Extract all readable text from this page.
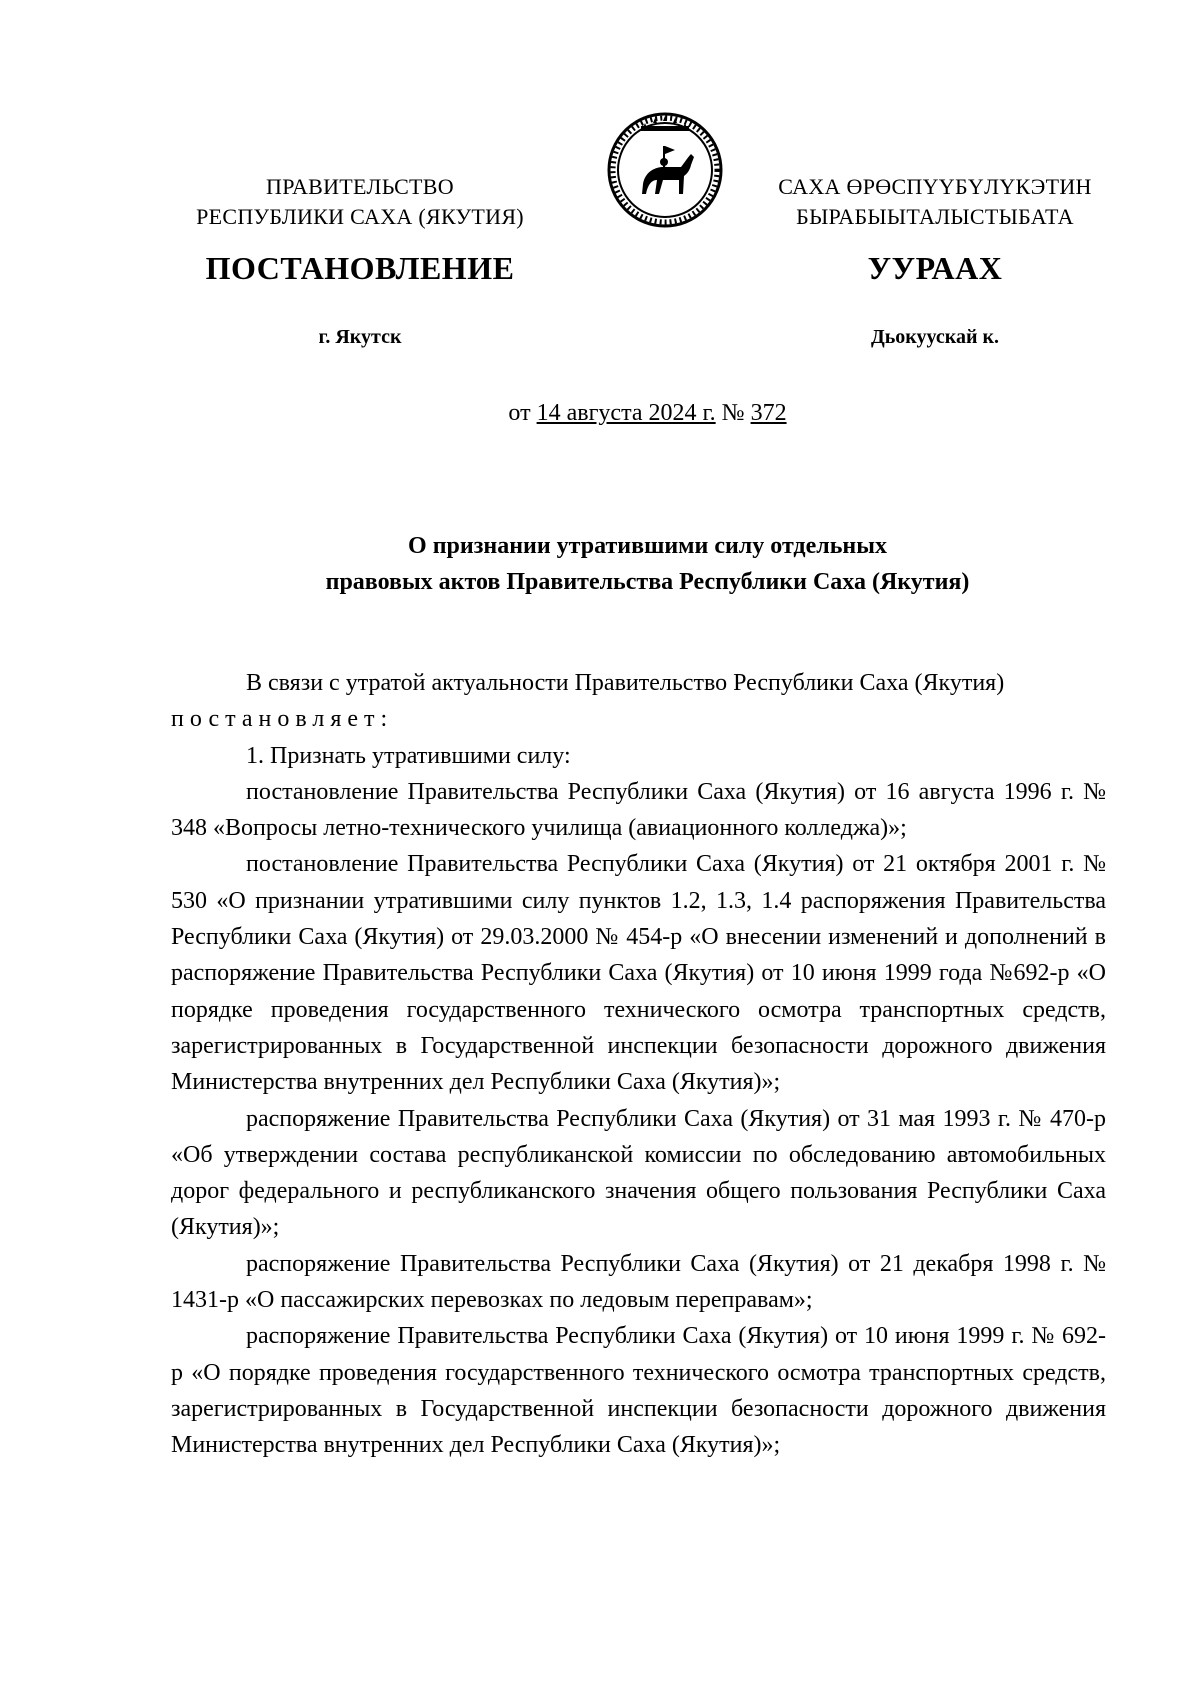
ПРАВИТЕЛЬСТВО
РЕСПУБЛИКИ САХА (ЯКУТИЯ)
САХА ӨРӨСПҮҮБҮЛҮКЭТИН
БЫРАБЫЫТАЛЫСТЫБАТА
ПОСТАНОВЛЕНИЕ	УУРААХ
г. Якутск	Дьокуускай к.
от 14 августа 2024 г. № 372
О признании утратившими силу отдельных
правовых актов Правительства Республики Саха (Якутия)

В связи с утратой актуальности Правительство Республики Саха (Якутия)

постановляет:

1. Признать утратившими силу:

постановление Правительства Республики Саха (Якутия) от 16 августа 1996 г. № 348 «Вопросы летно-технического училища (авиационного колледжа)»;

постановление Правительства Республики Саха (Якутия) от 21 октября 2001 г. № 530 «О признании утратившими силу пунктов 1.2, 1.3, 1.4 распоряжения Правительства Республики Саха (Якутия) от 29.03.2000 № 454-р «О внесении изменений и дополнений в распоряжение Правительства Республики Саха (Якутия) от 10 июня 1999 года №692-р «О порядке проведения государственного технического осмотра транспортных средств, зарегистрированных в Государственной инспекции безопасности дорожного движения Министерства внутренних дел Республики Саха (Якутия)»;

распоряжение Правительства Республики Саха (Якутия) от 31 мая 1993 г. № 470-р «Об утверждении состава республиканской комиссии по обследованию автомобильных дорог федерального и республиканского значения общего пользования Республики Саха (Якутия)»;

распоряжение Правительства Республики Саха (Якутия) от 21 декабря 1998 г. № 1431-р «О пассажирских перевозках по ледовым переправам»;

распоряжение Правительства Республики Саха (Якутия) от 10 июня 1999 г. № 692-р «О порядке проведения государственного технического осмотра транспортных средств, зарегистрированных в Государственной инспекции безопасности дорожного движения Министерства внутренних дел Республики Саха (Якутия)»;
